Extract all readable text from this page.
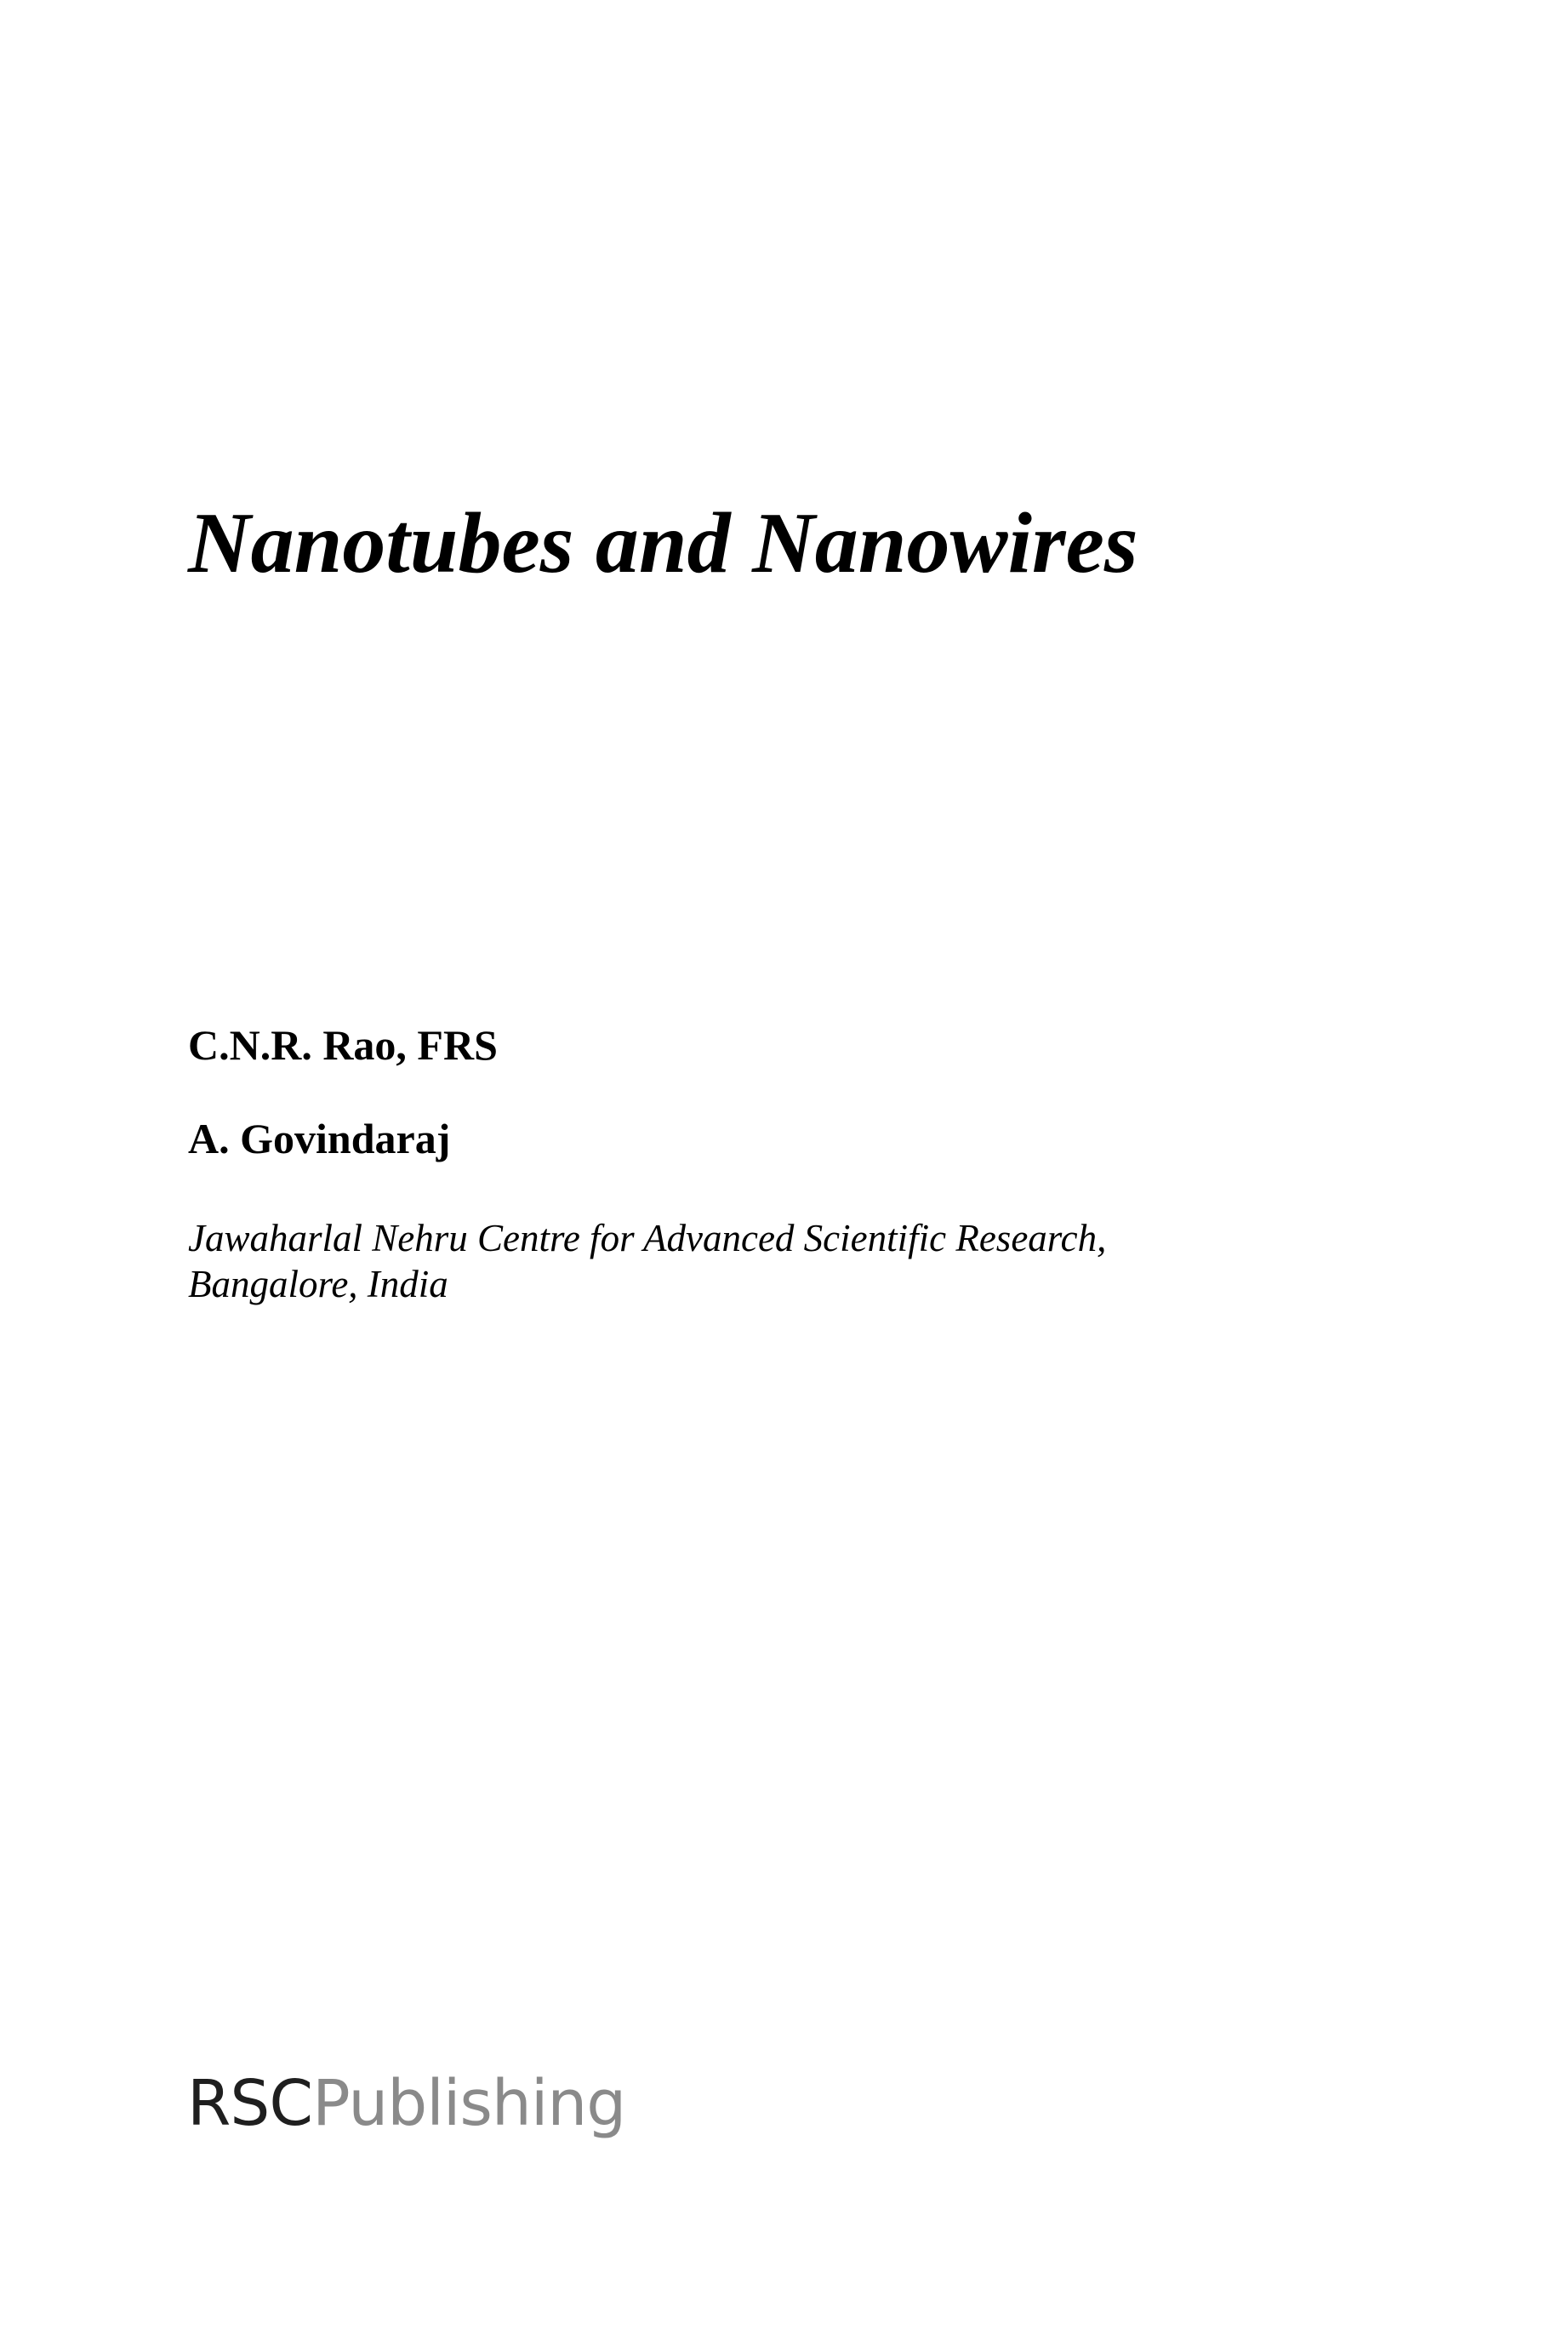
Nanotubes and Nanowires

C.N.R. Rao, FRS

A. Govindaraj

Jawaharlal Nehru Centre for Advanced Scientific Research,
Bangalore, India

RSCPublishing
